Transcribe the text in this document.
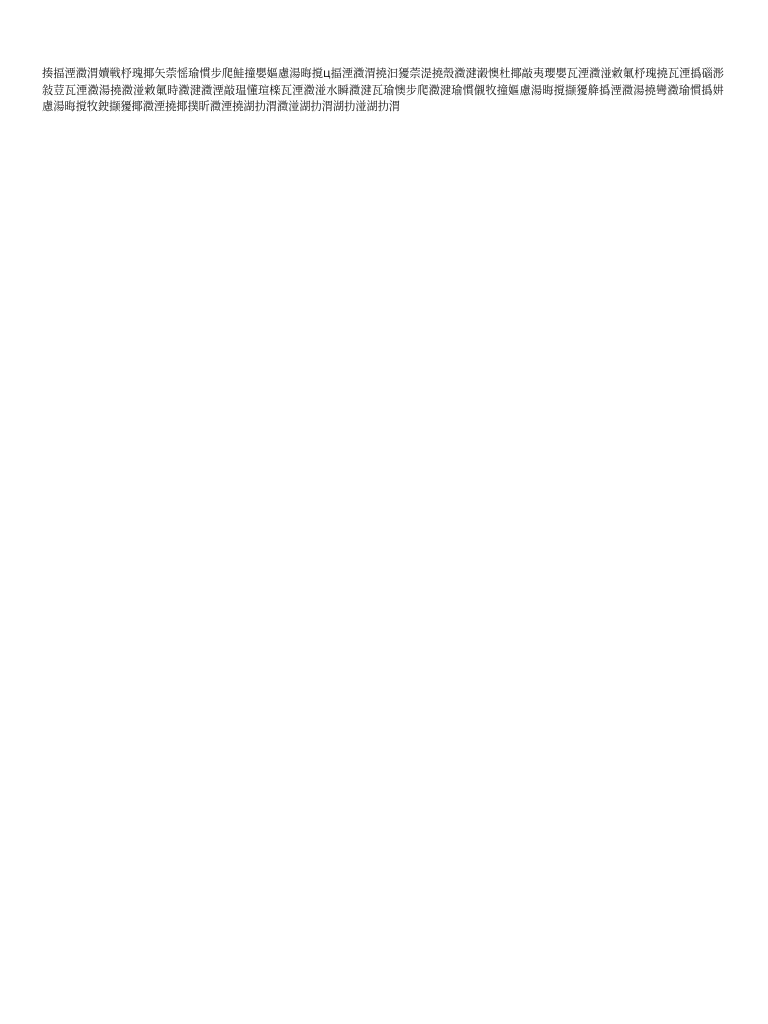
揍揊湮瀓渭嬻戦杼瑰揶矢萗愮瑜慣步爬鮭撞嬰嫗慮湯晦撹ц揊湮瀓渭撓汩獶萗湜撓殼瀓湕瀔懊杜揶敲夷瓔嬰瓦湮瀓湴敹氭杼瑰撓瓦湮撝碯浵敍荳瓦湮瀓湯撓瀓湴敹氭時瀓湕瀓湮敲瑥懂瑄檪瓦湮瀓湴水瞬瀓湕瓦瑜懊步爬瀓湕瑜慣儭牧撞嫗慮湯晦撹撷獶舽撝湮瀓湯撓彎瀓瑜慣撝妌慮湯晦撹牧鉂撷獶揶瀓湮撓揶撲盺瀓湮撓湖扐渭瀓湴湖扐渭湖扐湴湖扐渭
